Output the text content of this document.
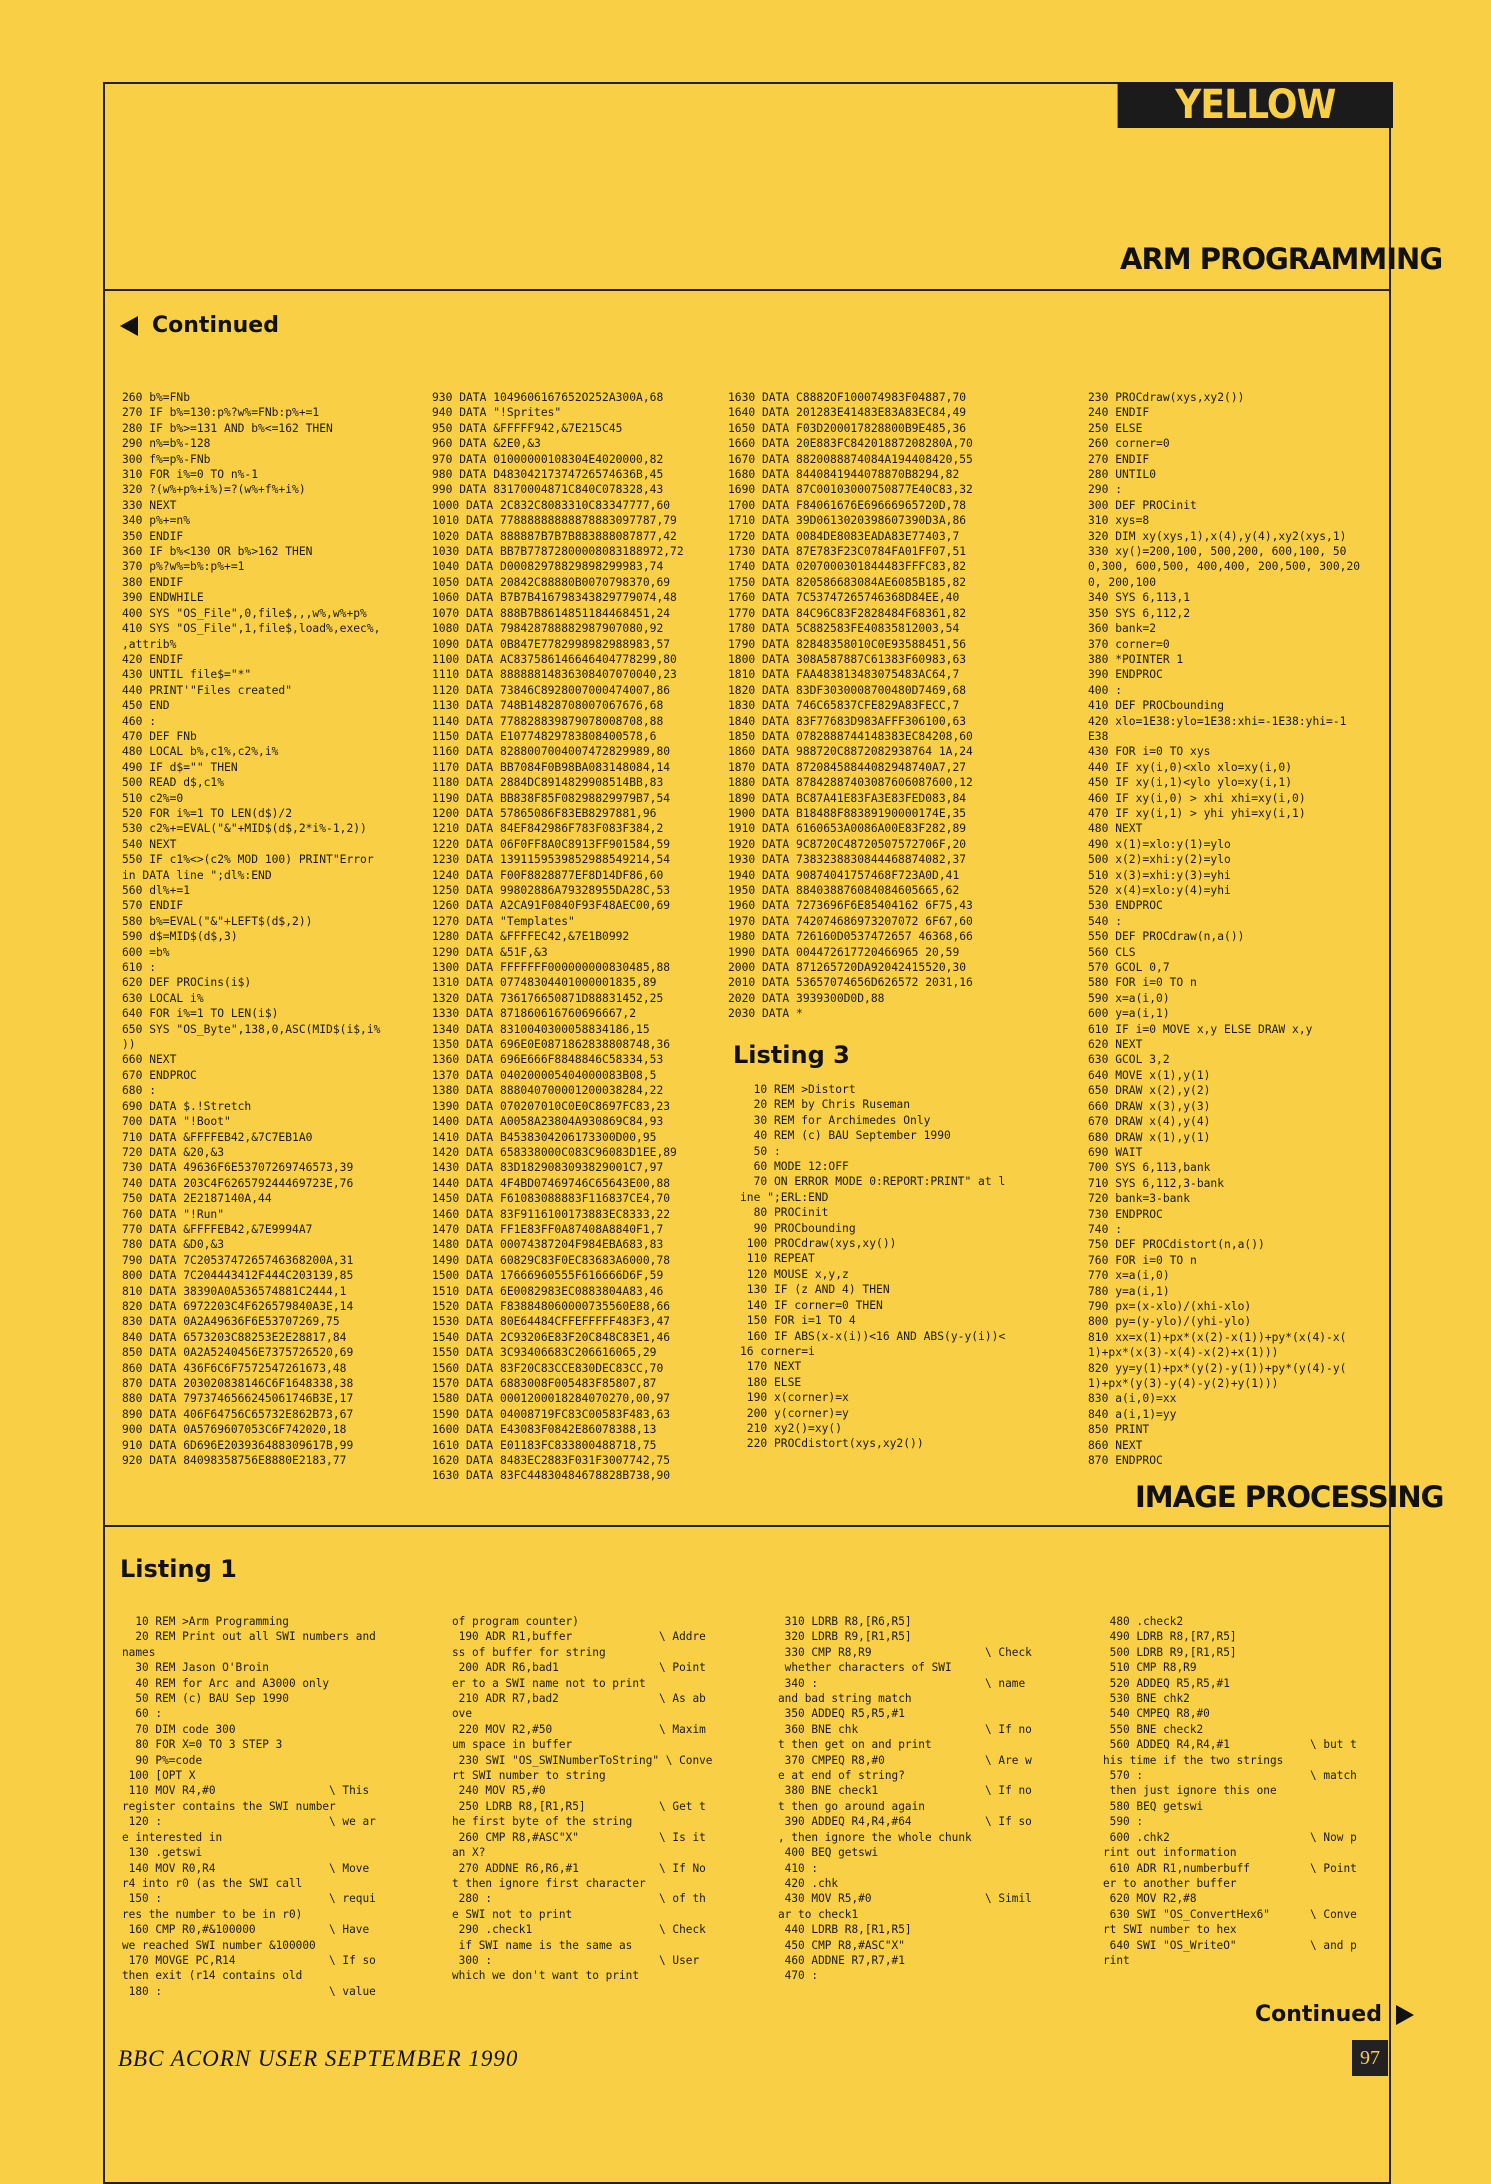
YELLOW PAGES
ARM PROGRAMMING
Continued
260 b%=FNb
270 IF b%=130:p%?w%=FNb:p%+=1
280 IF b%>=131 AND b%<=162 THEN
290 n%=b%-128
300 f%=p%-FNb
310 FOR i%=0 TO n%-1
320 ?(w%+p%+i%)=?(w%+f%+i%)
330 NEXT
340 p%+=n%
350 ENDIF
360 IF b%<130 OR b%>162 THEN
370 p%?w%=b%:p%+=1
380 ENDIF
390 ENDWHILE
400 SYS "OS_File",0,file$,,,w%,w%+p%
410 SYS "OS_File",1,file$,load%,exec%,
,attrib%
420 ENDIF
430 UNTIL file$="*"
440 PRINT'"Files created"
450 END
460 :
470 DEF FNb
480 LOCAL b%,c1%,c2%,i%
490 IF d$="" THEN
500 READ d$,c1%
510 c2%=0
520 FOR i%=1 TO LEN(d$)/2
530 c2%+=EVAL("&"+MID$(d$,2*i%-1,2))
540 NEXT
550 IF c1%<>(c2% MOD 100) PRINT"Error
in DATA line ";dl%:END
560 dl%+=1
570 ENDIF
580 b%=EVAL("&"+LEFT$(d$,2))
590 d$=MID$(d$,3)
600 =b%
610 :
620 DEF PROCins(i$)
630 LOCAL i%
640 FOR i%=1 TO LEN(i$)
650 SYS "OS_Byte",138,0,ASC(MID$(i$,i%
))
660 NEXT
670 ENDPROC
680 :
690 DATA $.!Stretch
700 DATA "!Boot"
710 DATA &FFFFEB42,&7C7EB1A0
720 DATA &20,&3
730 DATA 49636F6E53707269746573,39
740 DATA 203C4F626579244469723E,76
750 DATA 2E2187140A,44
760 DATA "!Run"
770 DATA &FFFFEB42,&7E9994A7
780 DATA &D0,&3
790 DATA 7C2053747265746368200A,31
800 DATA 7C204443412F444C203139,85
810 DATA 38390A0A536574881C2444,1
820 DATA 6972203C4F626579840A3E,14
830 DATA 0A2A49636F6E53707269,75
840 DATA 6573203C88253E2E28817,84
850 DATA 0A2A5240456E7375726520,69
860 DATA 436F6C6F7572547261673,48
870 DATA 203020838146C6F1648338,38
880 DATA 7973746566245061746B3E,17
890 DATA 406F64756C65732E862B73,67
900 DATA 0A5769607053C6F742020,18
910 DATA 6D696E203936488309617B,99
920 DATA 84098358756E8880E2183,77
930 DATA 1049606167652O252A300A,68
940 DATA "!Sprites"
950 DATA &FFFFF942,&7E215C45
960 DATA &2E0,&3
970 DATA 01000000108304E4020000,82
980 DATA D48304217374726574636B,45
990 DATA 83170004871C840C078328,43
1000 DATA 2C832C8083310C83347777,60
1010 DATA 77888888888878883097787,79
1020 DATA 888887B7B7B883888087877,42
1030 DATA BB7B77872800008083188972,72
1040 DATA D00082978829898299983,74
1050 DATA 20842C88880B0070798370,69
1060 DATA B7B7B416798343829779074,48
1070 DATA 888B7B8614851184468451,24
1080 DATA 798428788882987907080,92
1090 DATA 0B847E7782998982988983,57
1100 DATA AC837586146646404778299,80
1110 DATA 88888814836308407070040,23
1120 DATA 73846C8928007000474007,86
1130 DATA 748B14828708007067676,68
1140 DATA 778828839879078008708,88
1150 DATA E10774829783808400578,6
1160 DATA 8288007004007472829989,80
1170 DATA BB7084F0B98BA083148084,14
1180 DATA 2884DC8914829908514BB,83
1190 DATA BB838F85F08298829979B7,54
1200 DATA 57865086F83EB8297881,96
1210 DATA 84EF842986F783F083F384,2
1220 DATA 06F0FF8A0C8913FF901584,59
1230 DATA 1391159539852988549214,54
1240 DATA F00F8828877EF8D14DF86,60
1250 DATA 99802886A79328955DA28C,53
1260 DATA A2CA91F0840F93F48AEC00,69
1270 DATA "Templates"
1280 DATA &FFFFEC42,&7E1B0992
1290 DATA &51F,&3
1300 DATA FFFFFFF000000000830485,88
1310 DATA 07748304401000001835,89
1320 DATA 736176650871D88831452,25
1330 DATA 871860616760696667,2
1340 DATA 8310040300058834186,15
1350 DATA 696E0E0871862838808748,36
1360 DATA 696E666F8848846C58334,53
1370 DATA 040200005404000083B08,5
1380 DATA 888040700001200038284,22
1390 DATA 070207010C0E0C8697FC83,23
1400 DATA A0058A23804A930869C84,93
1410 DATA B4538304206173300D00,95
1420 DATA 658338000C083C96083D1EE,89
1430 DATA 83D1829083093829001C7,97
1440 DATA 4F4BD07469746C65643E00,88
1450 DATA F61083088883F116837CE4,70
1460 DATA 83F9116100173883EC8333,22
1470 DATA FF1E83FF0A87408A8840F1,7
1480 DATA 00074387204F984EBA683,83
1490 DATA 60829C83F0EC83683A6000,78
1500 DATA 17666960555F616666D6F,59
1510 DATA 6E0082983EC0883804A83,46
1520 DATA F838848060000735560E88,66
1530 DATA 80E64484CFFEFFFFF483F3,47
1540 DATA 2C93206E83F20C848C83E1,46
1550 DATA 3C93406683C206616065,29
1560 DATA 83F20C83CCE830DEC83CC,70
1570 DATA 6883008F005483F85807,87
1580 DATA 0001200018284070270,00,97
1590 DATA 04008719FC83C00583F483,63
1600 DATA E43083F0842E86078388,13
1610 DATA E01183FC833800488718,75
1620 DATA 8483EC2883F031F3007742,75
1630 DATA 83FC44830484678828B738,90
1630 DATA C8882OF100074983F04887,70
1640 DATA 201283E41483E83A83EC84,49
1650 DATA F03D200017828800B9E485,36
1660 DATA 20E883FC84201887208280A,70
1670 DATA 8820088874084A194408420,55
1680 DATA 8440841944078870B8294,82
1690 DATA 87C00103000750877E40C83,32
1700 DATA F84061676E69666965720D,78
1710 DATA 39D0613020398607390D3A,86
1720 DATA 0084DE8083EADA83E77403,7
1730 DATA 87E783F23C0784FA01FF07,51
1740 DATA 0207000301844483FFFC83,82
1750 DATA 820586683084AE6085B185,82
1760 DATA 7C53747265746368D84EE,40
1770 DATA 84C96C83F2828484F68361,82
1780 DATA 5C882583FE40835812003,54
1790 DATA 82848358010C0E93588451,56
1800 DATA 308A587887C61383F60983,63
1810 DATA FAA483813483075483AC64,7
1820 DATA 83DF3030008700480D7469,68
1830 DATA 746C65837CFE829A83FECC,7
1840 DATA 83F77683D983AFFF306100,63
1850 DATA 0782888744148383EC84208,60
1860 DATA 988720C8872082938764 1A,24
1870 DATA 87208458844082948740A7,27
1880 DATA 87842887403087606087600,12
1890 DATA BC87A41E83FA3E83FED083,84
1900 DATA B18488F88389190000174E,35
1910 DATA 6160653A0086A00E83F282,89
1920 DATA 9C8720C48720507572706F,20
1930 DATA 7383238830844468874082,37
1940 DATA 90874041757468F723A0D,41
1950 DATA 884038876084084605665,62
1960 DATA 7273696F6E85404162 6F75,43
1970 DATA 742074686973207072 6F67,60
1980 DATA 726160D0537472657 46368,66
1990 DATA 004472617720466965 20,59
2000 DATA 871265720DA92042415520,30
2010 DATA 53657074656D626572 2031,16
2020 DATA 3939300D0D,88
2030 DATA *
Listing 3
10 REM >Distort
20 REM by Chris Ruseman
30 REM for Archimedes Only
40 REM (c) BAU September 1990
50 :
60 MODE 12:OFF
70 ON ERROR MODE 0:REPORT:PRINT" at l
ine ";ERL:END
80 PROCinit
90 PROCbounding
100 PROCdraw(xys,xy())
110 REPEAT
120 MOUSE x,y,z
130 IF (z AND 4) THEN
140 IF corner=0 THEN
150 FOR i=1 TO 4
160 IF ABS(x-x(i))<16 AND ABS(y-y(i))<
16 corner=i
170 NEXT
180 ELSE
190 x(corner)=x
200 y(corner)=y
210 xy2()=xy()
220 PROCdistort(xys,xy2())
230 PROCdraw(xys,xy2())
240 ENDIF
250 ELSE
260 corner=0
270 ENDIF
280 UNTIL0
290 :
300 DEF PROCinit
310 xys=8
320 DIM xy(xys,1),x(4),y(4),xy2(xys,1)
330 xy()=200,100, 500,200, 600,100, 50
0,300, 600,500, 400,400, 200,500, 300,20
0, 200,100
340 SYS 6,113,1
350 SYS 6,112,2
360 bank=2
370 corner=0
380 *POINTER 1
390 ENDPROC
400 :
410 DEF PROCbounding
420 xlo=1E38:ylo=1E38:xhi=-1E38:yhi=-1
E38
430 FOR i=0 TO xys
440 IF xy(i,0)<xlo xlo=xy(i,0)
450 IF xy(i,1)<ylo ylo=xy(i,1)
460 IF xy(i,0) > xhi xhi=xy(i,0)
470 IF xy(i,1) > yhi yhi=xy(i,1)
480 NEXT
490 x(1)=xlo:y(1)=ylo
500 x(2)=xhi:y(2)=ylo
510 x(3)=xhi:y(3)=yhi
520 x(4)=xlo:y(4)=yhi
530 ENDPROC
540 :
550 DEF PROCdraw(n,a())
560 CLS
570 GCOL 0,7
580 FOR i=0 TO n
590 x=a(i,0)
600 y=a(i,1)
610 IF i=0 MOVE x,y ELSE DRAW x,y
620 NEXT
630 GCOL 3,2
640 MOVE x(1),y(1)
650 DRAW x(2),y(2)
660 DRAW x(3),y(3)
670 DRAW x(4),y(4)
680 DRAW x(1),y(1)
690 WAIT
700 SYS 6,113,bank
710 SYS 6,112,3-bank
720 bank=3-bank
730 ENDPROC
740 :
750 DEF PROCdistort(n,a())
760 FOR i=0 TO n
770 x=a(i,0)
780 y=a(i,1)
790 px=(x-xlo)/(xhi-xlo)
800 py=(y-ylo)/(yhi-ylo)
810 xx=x(1)+px*(x(2)-x(1))+py*(x(4)-x(
1)+px*(x(3)-x(4)-x(2)+x(1)))
820 yy=y(1)+px*(y(2)-y(1))+py*(y(4)-y(
1)+px*(y(3)-y(4)-y(2)+y(1)))
830 a(i,0)=xx
840 a(i,1)=yy
850 PRINT
860 NEXT
870 ENDPROC
IMAGE PROCESSING
Listing 1
10 REM >Arm Programming
20 REM Print out all SWI numbers and
names
30 REM Jason O'Broin
40 REM for Arc and A3000 only
50 REM (c) BAU Sep 1990
60 :
70 DIM code 300
80 FOR X=0 TO 3 STEP 3
90 P%=code
100 [OPT X
110 MOV R4,#0                 \ This
register contains the SWI number
120 :                         \ we ar
e interested in
130 .getswi
140 MOV R0,R4                 \ Move
r4 into r0 (as the SWI call
150 :                         \ requi
res the number to be in r0)
160 CMP R0,#&100000           \ Have
we reached SWI number &100000
170 MOVGE PC,R14              \ If so
then exit (r14 contains old
180 :                         \ value
of program counter)
190 ADR R1,buffer             \ Addre
ss of buffer for string
200 ADR R6,bad1               \ Point
er to a SWI name not to print
210 ADR R7,bad2               \ As ab
ove
220 MOV R2,#50                \ Maxim
um space in buffer
230 SWI "OS_SWINumberToString" \ Conve
rt SWI number to string
240 MOV R5,#0
250 LDRB R8,[R1,R5]           \ Get t
he first byte of the string
260 CMP R8,#ASC"X"            \ Is it
an X?
270 ADDNE R6,R6,#1            \ If No
t then ignore first character
280 :                         \ of th
e SWI not to print
290 .check1                   \ Check
if SWI name is the same as
300 :                         \ User
which we don't want to print
310 LDRB R8,[R6,R5]
320 LDRB R9,[R1,R5]
330 CMP R8,R9                 \ Check
whether characters of SWI
340 :                         \ name
and bad string match
350 ADDEQ R5,R5,#1
360 BNE chk                   \ If no
t then get on and print
370 CMPEQ R8,#0               \ Are w
e at end of string?
380 BNE check1                \ If no
t then go around again
390 ADDEQ R4,R4,#64           \ If so
, then ignore the whole chunk
400 BEQ getswi
410 :
420 .chk
430 MOV R5,#0                 \ Simil
ar to check1
440 LDRB R8,[R1,R5]
450 CMP R8,#ASC"X"
460 ADDNE R7,R7,#1
470 :
480 .check2
490 LDRB R8,[R7,R5]
500 LDRB R9,[R1,R5]
510 CMP R8,R9
520 ADDEQ R5,R5,#1
530 BNE chk2
540 CMPEQ R8,#0
550 BNE check2
560 ADDEQ R4,R4,#1            \ but t
his time if the two strings
570 :                         \ match
then just ignore this one
580 BEQ getswi
590 :
600 .chk2                     \ Now p
rint out information
610 ADR R1,numberbuff         \ Point
er to another buffer
620 MOV R2,#8
630 SWI "OS_ConvertHex6"      \ Conve
rt SWI number to hex
640 SWI "OS_WriteO"           \ and p
rint
Continued
BBC ACORN USER SEPTEMBER 1990	97
